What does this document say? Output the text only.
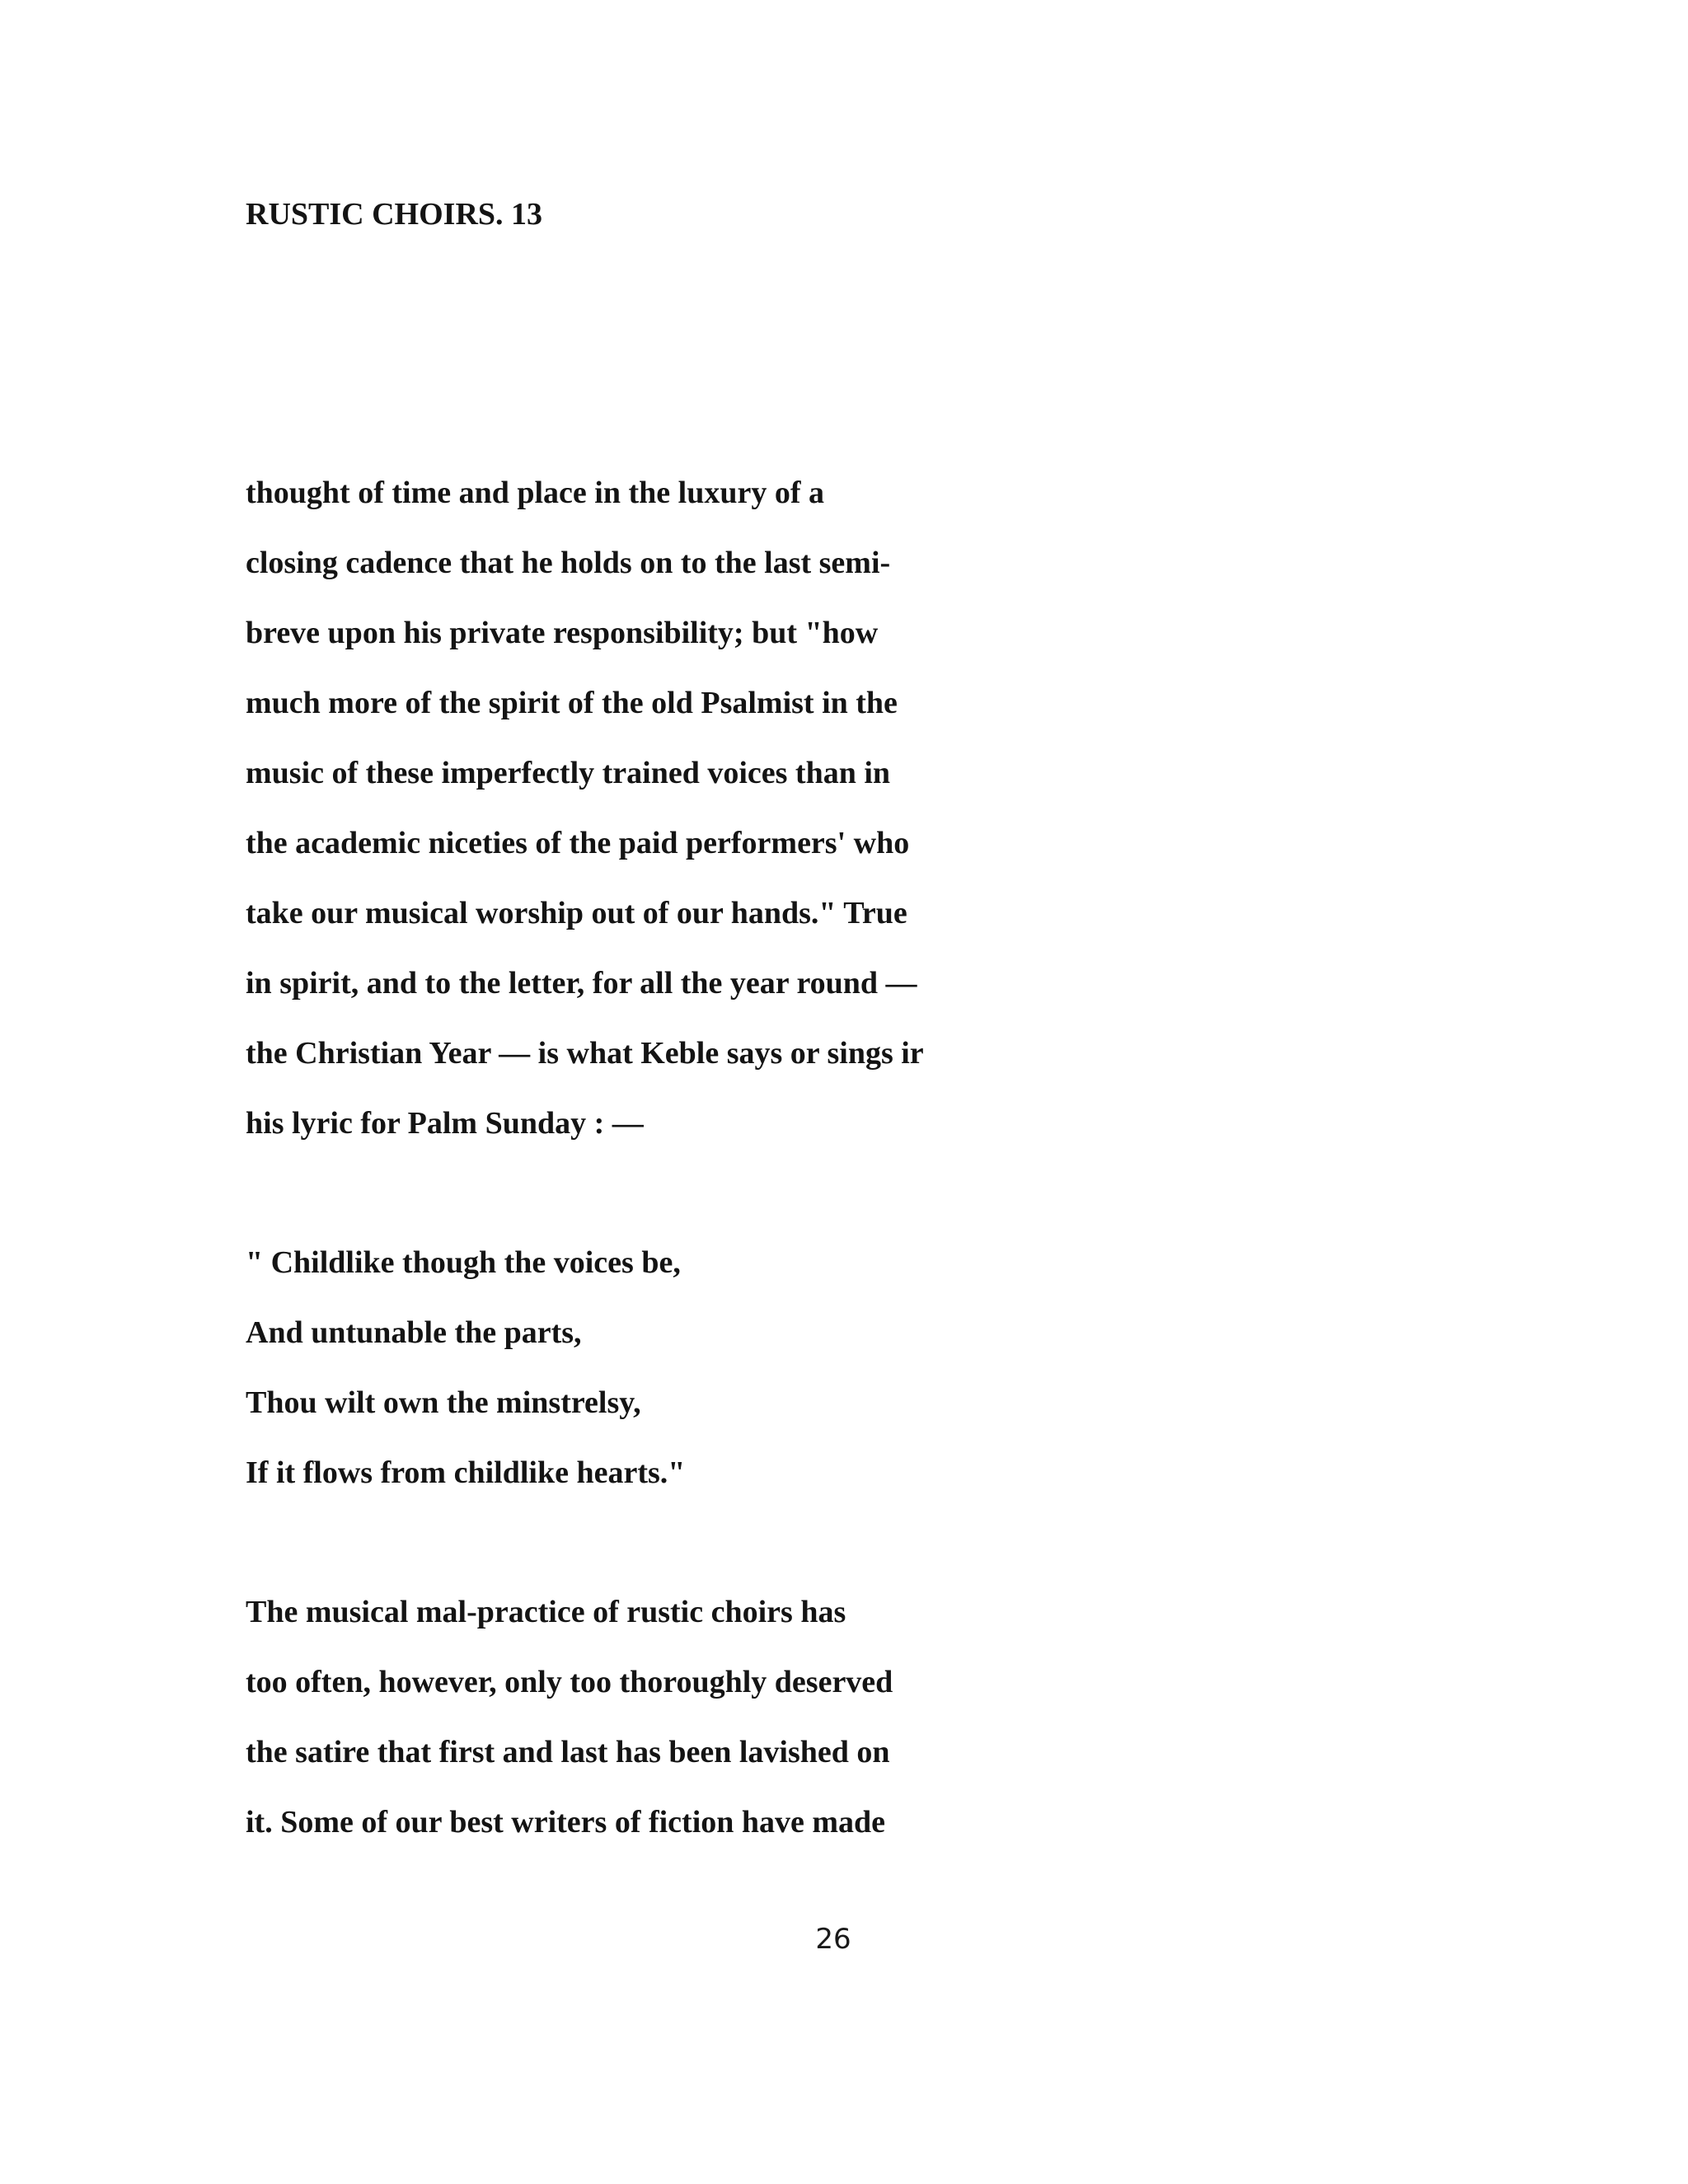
RUSTIC CHOIRS. 13

thought of time and place in the luxury of a

closing cadence that he holds on to the last semi-

breve upon his private responsibility; but "how

much more of the spirit of the old Psalmist in the

music of these imperfectly trained voices than in

the academic niceties of the paid performers' who

take our musical worship out of our hands." True

in spirit, and to the letter, for all the year round —

the Christian Year — is what Keble says or sings ir

his lyric for Palm Sunday : —

" Childlike though the voices be,

And untunable the parts,

Thou wilt own the minstrelsy,

If it flows from childlike hearts."

The musical mal-practice of rustic choirs has

too often, however, only too thoroughly deserved

the satire that first and last has been lavished on

it. Some of our best writers of fiction have made

26
